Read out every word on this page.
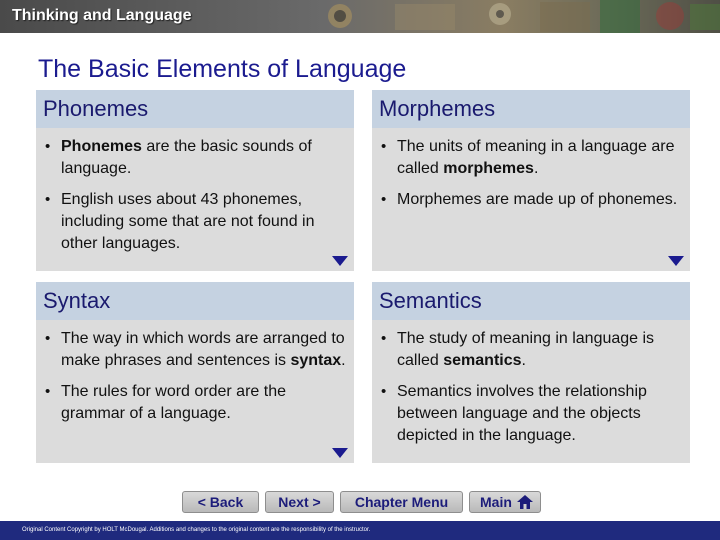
Thinking and Language
The Basic Elements of Language
Phonemes
• Phonemes are the basic sounds of language.
• English uses about 43 phonemes, including some that are not found in other languages.
Morphemes
• The units of meaning in a language are called morphemes.
• Morphemes are made up of phonemes.
Syntax
• The way in which words are arranged to make phrases and sentences is syntax.
• The rules for word order are the grammar of a language.
Semantics
• The study of meaning in language is called semantics.
• Semantics involves the relationship between language and the objects depicted in the language.
< Back	Next >	Chapter Menu	Main
Original Content Copyright by HOLT McDougal. Additions and changes to the original content are the responsibility of the instructor.
